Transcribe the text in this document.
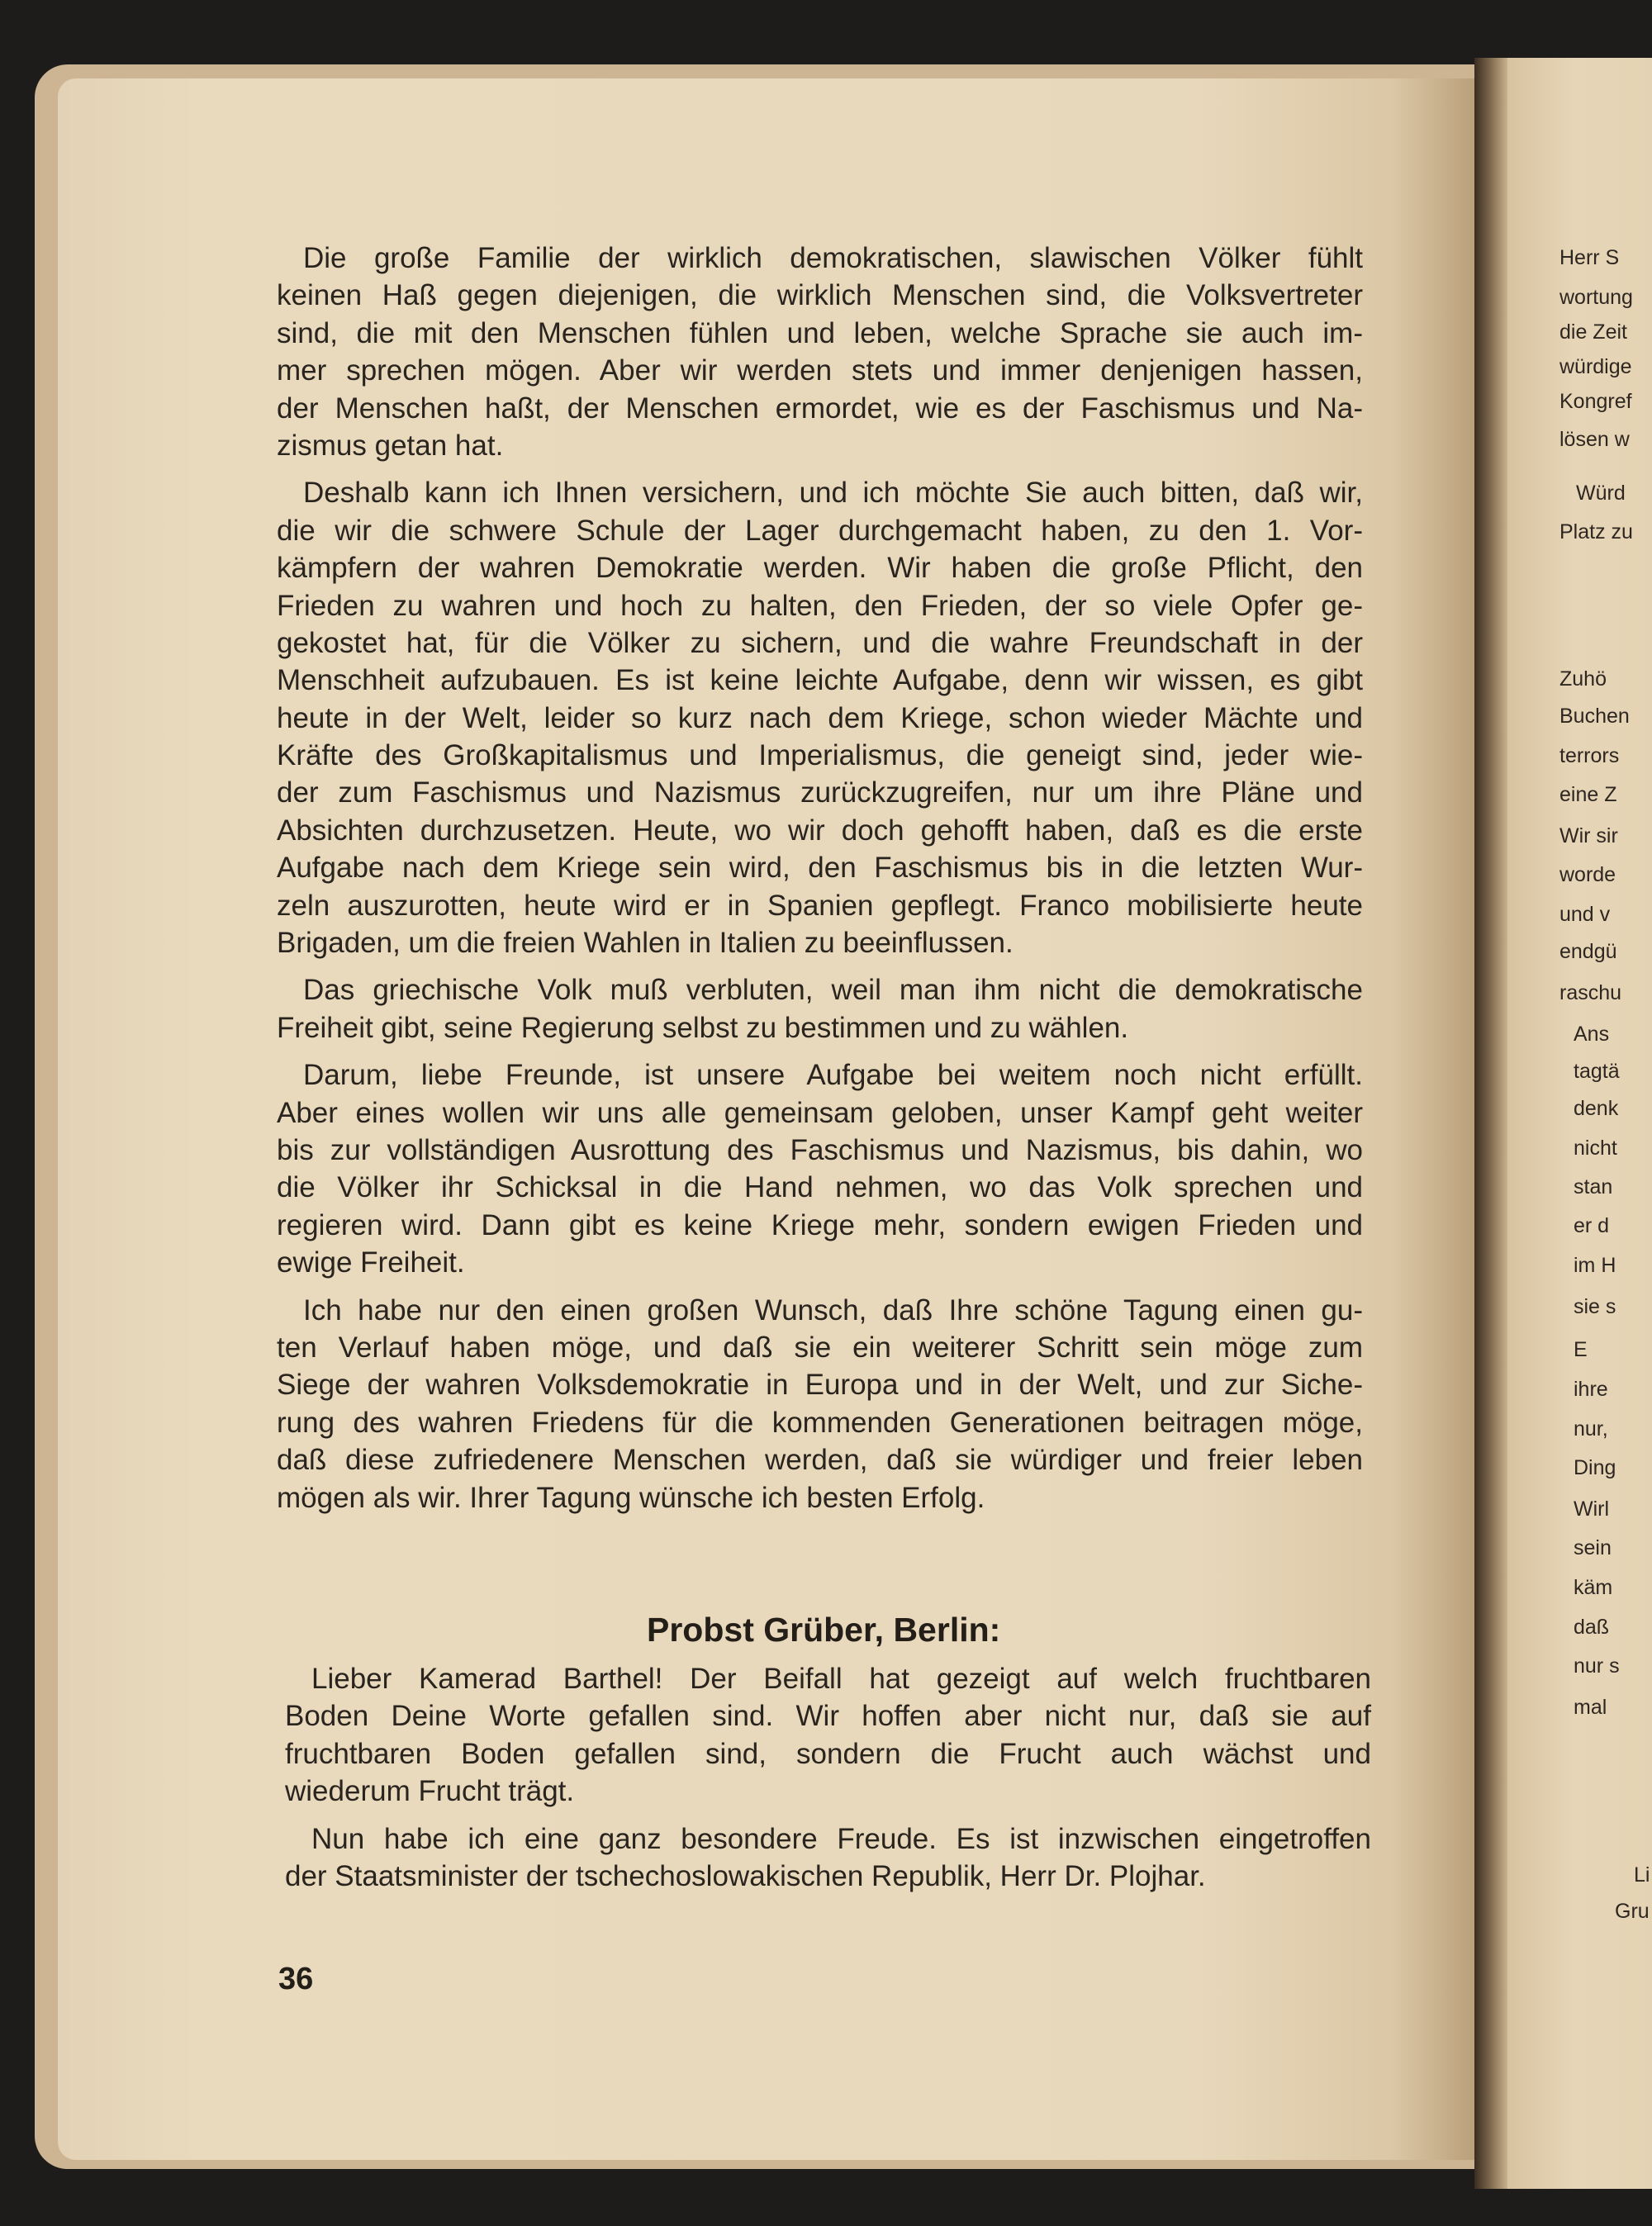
Herr S
wortung
die Zeit
würdige
Kongref
lösen w
Würd
Platz zu
Zuhö
Buchen
terrors
eine Z
Wir sir
worde
und v
endgü
raschu
Ans
tagtä
denk
nicht
stan
er d
im H
sie s
E
ihre
nur,
Ding
Wirl
sein
käm
daß
nur s
mal
Li
Gru
Die große Familie der wirklich demokratischen, slawischen Völker fühlt
keinen Haß gegen diejenigen, die wirklich Menschen sind, die Volksvertreter
sind, die mit den Menschen fühlen und leben, welche Sprache sie auch im-
mer sprechen mögen. Aber wir werden stets und immer denjenigen hassen,
der Menschen haßt, der Menschen ermordet, wie es der Faschismus und Na-
zismus getan hat.
Deshalb kann ich Ihnen versichern, und ich möchte Sie auch bitten, daß wir,
die wir die schwere Schule der Lager durchgemacht haben, zu den 1. Vor-
kämpfern der wahren Demokratie werden. Wir haben die große Pflicht, den
Frieden zu wahren und hoch zu halten, den Frieden, der so viele Opfer ge-
gekostet hat, für die Völker zu sichern, und die wahre Freundschaft in der
Menschheit aufzubauen. Es ist keine leichte Aufgabe, denn wir wissen, es gibt
heute in der Welt, leider so kurz nach dem Kriege, schon wieder Mächte und
Kräfte des Großkapitalismus und Imperialismus, die geneigt sind, jeder wie-
der zum Faschismus und Nazismus zurückzugreifen, nur um ihre Pläne und
Absichten durchzusetzen. Heute, wo wir doch gehofft haben, daß es die erste
Aufgabe nach dem Kriege sein wird, den Faschismus bis in die letzten Wur-
zeln auszurotten, heute wird er in Spanien gepflegt. Franco mobilisierte heute
Brigaden, um die freien Wahlen in Italien zu beeinflussen.
Das griechische Volk muß verbluten, weil man ihm nicht die demokratische
Freiheit gibt, seine Regierung selbst zu bestimmen und zu wählen.
Darum, liebe Freunde, ist unsere Aufgabe bei weitem noch nicht erfüllt.
Aber eines wollen wir uns alle gemeinsam geloben, unser Kampf geht weiter
bis zur vollständigen Ausrottung des Faschismus und Nazismus, bis dahin, wo
die Völker ihr Schicksal in die Hand nehmen, wo das Volk sprechen und
regieren wird. Dann gibt es keine Kriege mehr, sondern ewigen Frieden und
ewige Freiheit.
Ich habe nur den einen großen Wunsch, daß Ihre schöne Tagung einen gu-
ten Verlauf haben möge, und daß sie ein weiterer Schritt sein möge zum
Siege der wahren Volksdemokratie in Europa und in der Welt, und zur Siche-
rung des wahren Friedens für die kommenden Generationen beitragen möge,
daß diese zufriedenere Menschen werden, daß sie würdiger und freier leben
mögen als wir. Ihrer Tagung wünsche ich besten Erfolg.
Probst Grüber, Berlin:
Lieber Kamerad Barthel! Der Beifall hat gezeigt auf welch fruchtbaren
Boden Deine Worte gefallen sind. Wir hoffen aber nicht nur, daß sie auf
fruchtbaren Boden gefallen sind, sondern die Frucht auch wächst und
wiederum Frucht trägt.
Nun habe ich eine ganz besondere Freude. Es ist inzwischen eingetroffen
der Staatsminister der tschechoslowakischen Republik, Herr Dr. Plojhar.
36
